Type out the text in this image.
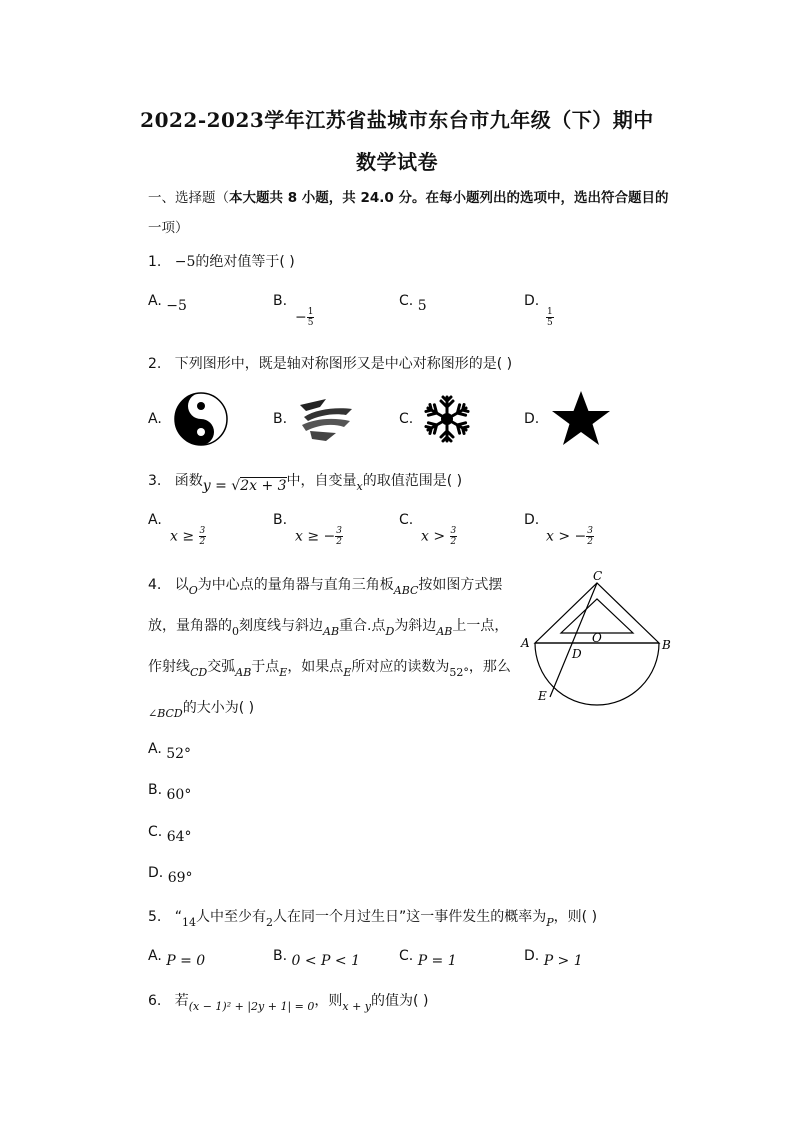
2022-2023学年江苏省盐城市东台市九年级（下）期中
数学试卷
一、选择题（本大题共 8 小题，共 24.0 分。在每小题列出的选项中，选出符合题目的
一项）
1. −5的绝对值等于( )
A. −5	B.
− $\frac{1}{5}$
C. 5	D.
$\frac{1}{5}$
2. 下列图形中，既是轴对称图形又是中心对称图形的是( )
A.	B.	C.	D.
3. 函数y = √2x + 3中，自变量$_x$的取值范围是( )
A.
$x \ge \frac{3}{2}$
B.
x ≥ − $\frac{3}{2}$
C.
$x > \frac{3}{2}$
D.
x > − $\frac{3}{2}$
4. 以$_O$为中心点的量角器与直角三角板$_{ABC}$按如图方式摆
放，量角器的$_0$刻度线与斜边$_{AB}$重合.点$_D$为斜边$_{AB}$上一点，
作射线$_{CD}$交弧$_{AB}$于点$_E$，如果点$_E$所对应的读数为$_{52^\circ}$，那么
$_{\angle BCD}$的大小为( )
A	B
C
D
E
O
A. 52°
B. 60°
C. 64°
D. 69°
5. “$_{14}$人中至少有$_2$人在同一个月过生日”这一事件发生的概率为$_P$，则( )
A. P = 0	B. 0 < P < 1	C. P = 1	D. P > 1
6. 若$_{(x - 1)^2 + |2y + 1| = 0}$，则$_{x + y}$的值为( )
